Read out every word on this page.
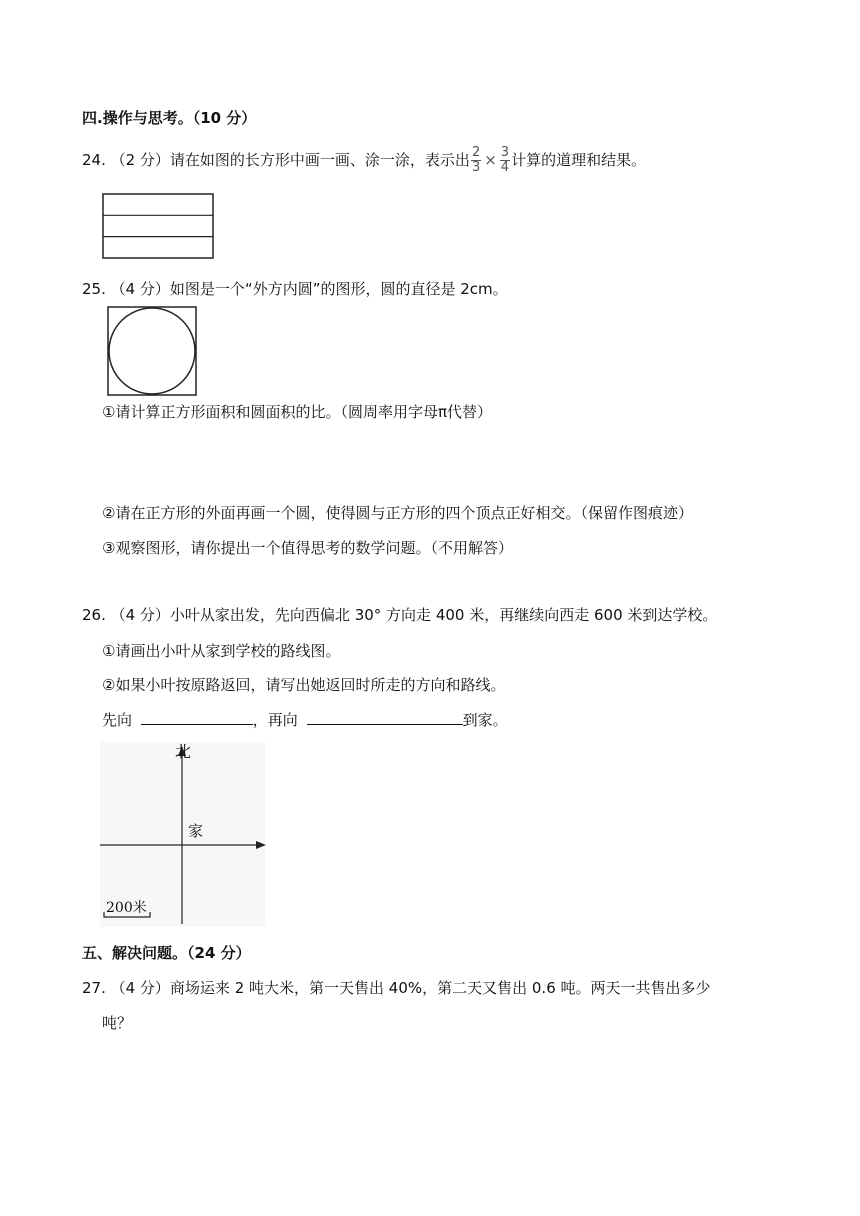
四.操作与思考。（10 分）
24. （2 分）请在如图的长方形中画一画、涂一涂，表示出 $\frac{2}{3} \times \frac{3}{4}$ 计算的道理和结果。
25. （4 分）如图是一个“外方内圆”的图形，圆的直径是 2cm。
①请计算正方形面积和圆面积的比。（圆周率用字母π代替）
②请在正方形的外面再画一个圆，使得圆与正方形的四个顶点正好相交。（保留作图痕迹）
③观察图形，请你提出一个值得思考的数学问题。（不用解答）
26. （4 分）小叶从家出发，先向西偏北 30° 方向走 400 米，再继续向西走 600 米到达学校。
①请画出小叶从家到学校的路线图。
②如果小叶按原路返回，请写出她返回时所走的方向和路线。
先向	，再向	到家。
北
家
200米
五、解决问题。（24 分）
27. （4 分）商场运来 2 吨大米，第一天售出 40%，第二天又售出 0.6 吨。两天一共售出多少
吨？
